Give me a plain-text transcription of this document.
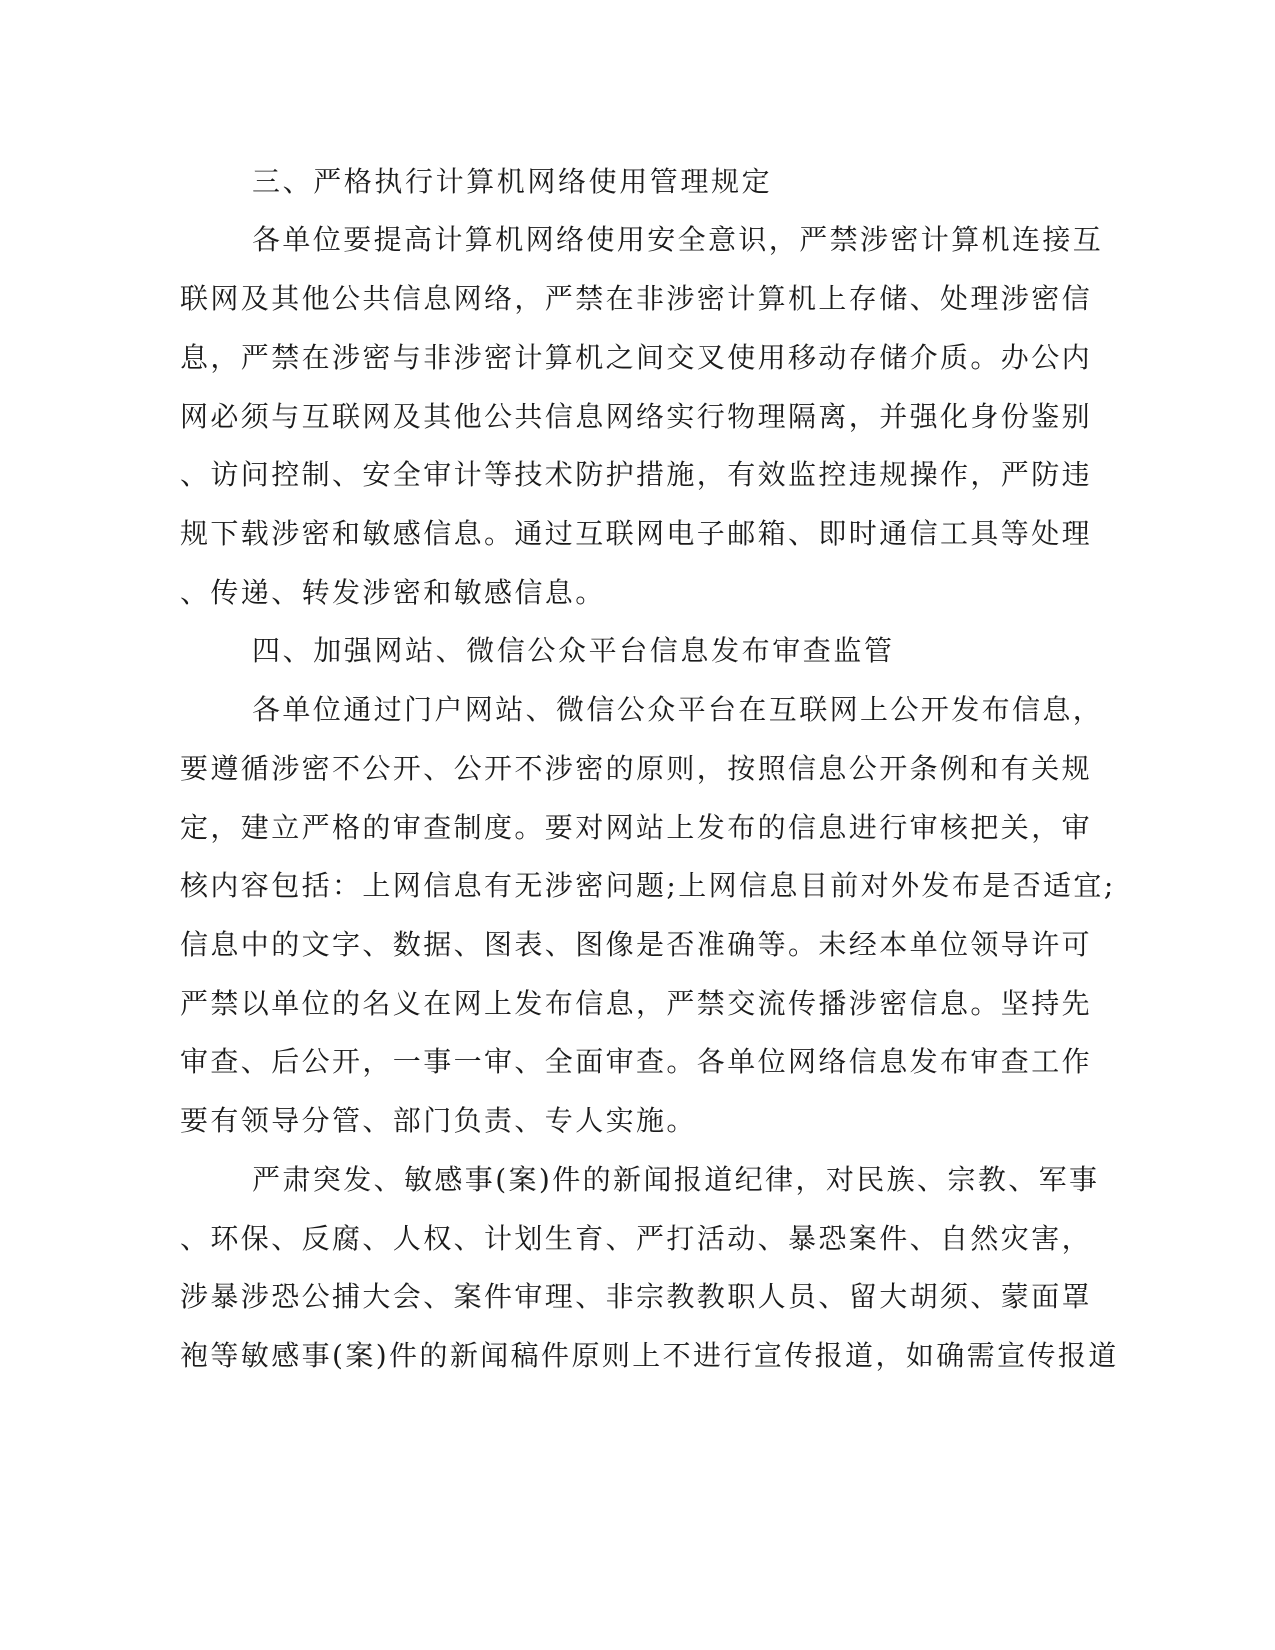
三、严格执行计算机网络使用管理规定

各单位要提高计算机网络使用安全意识，严禁涉密计算机连接互

联网及其他公共信息网络，严禁在非涉密计算机上存储、处理涉密信

息，严禁在涉密与非涉密计算机之间交叉使用移动存储介质。办公内

网必须与互联网及其他公共信息网络实行物理隔离，并强化身份鉴别

、访问控制、安全审计等技术防护措施，有效监控违规操作，严防违

规下载涉密和敏感信息。通过互联网电子邮箱、即时通信工具等处理

、传递、转发涉密和敏感信息。

四、加强网站、微信公众平台信息发布审查监管

各单位通过门户网站、微信公众平台在互联网上公开发布信息，

要遵循涉密不公开、公开不涉密的原则，按照信息公开条例和有关规

定，建立严格的审查制度。要对网站上发布的信息进行审核把关，审

核内容包括：上网信息有无涉密问题;上网信息目前对外发布是否适宜;

信息中的文字、数据、图表、图像是否准确等。未经本单位领导许可

严禁以单位的名义在网上发布信息，严禁交流传播涉密信息。坚持先

审查、后公开，一事一审、全面审查。各单位网络信息发布审查工作

要有领导分管、部门负责、专人实施。

严肃突发、敏感事(案)件的新闻报道纪律，对民族、宗教、军事

、环保、反腐、人权、计划生育、严打活动、暴恐案件、自然灾害，

涉暴涉恐公捕大会、案件审理、非宗教教职人员、留大胡须、蒙面罩

袍等敏感事(案)件的新闻稿件原则上不进行宣传报道，如确需宣传报道
